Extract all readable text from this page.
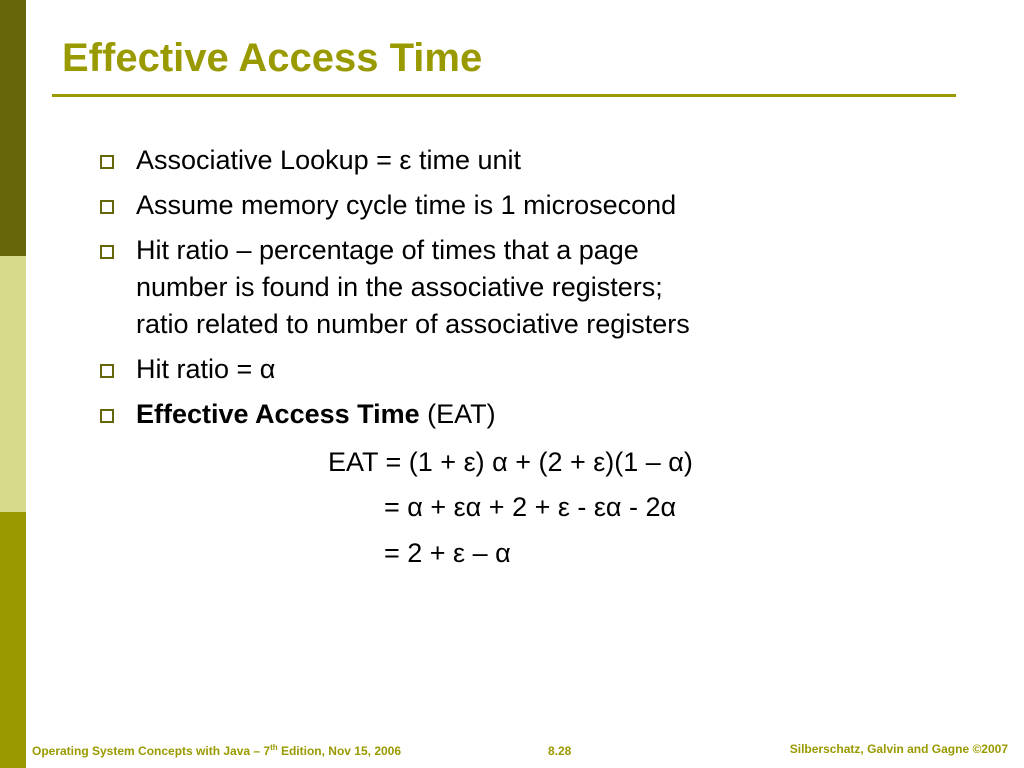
Effective Access Time
Associative Lookup = ε time unit
Assume memory cycle time is 1 microsecond
Hit ratio – percentage of times that a page
number is found in the associative registers;
ratio related to number of associative registers
Hit ratio = α
Effective Access Time (EAT)
EAT = (1 + ε) α + (2 + ε)(1 – α)
= α + εα + 2 + ε - εα - 2α
= 2 + ε – α
Operating System Concepts with Java – 7th Edition, Nov 15, 2006	8.28	Silberschatz, Galvin and Gagne ©2007
